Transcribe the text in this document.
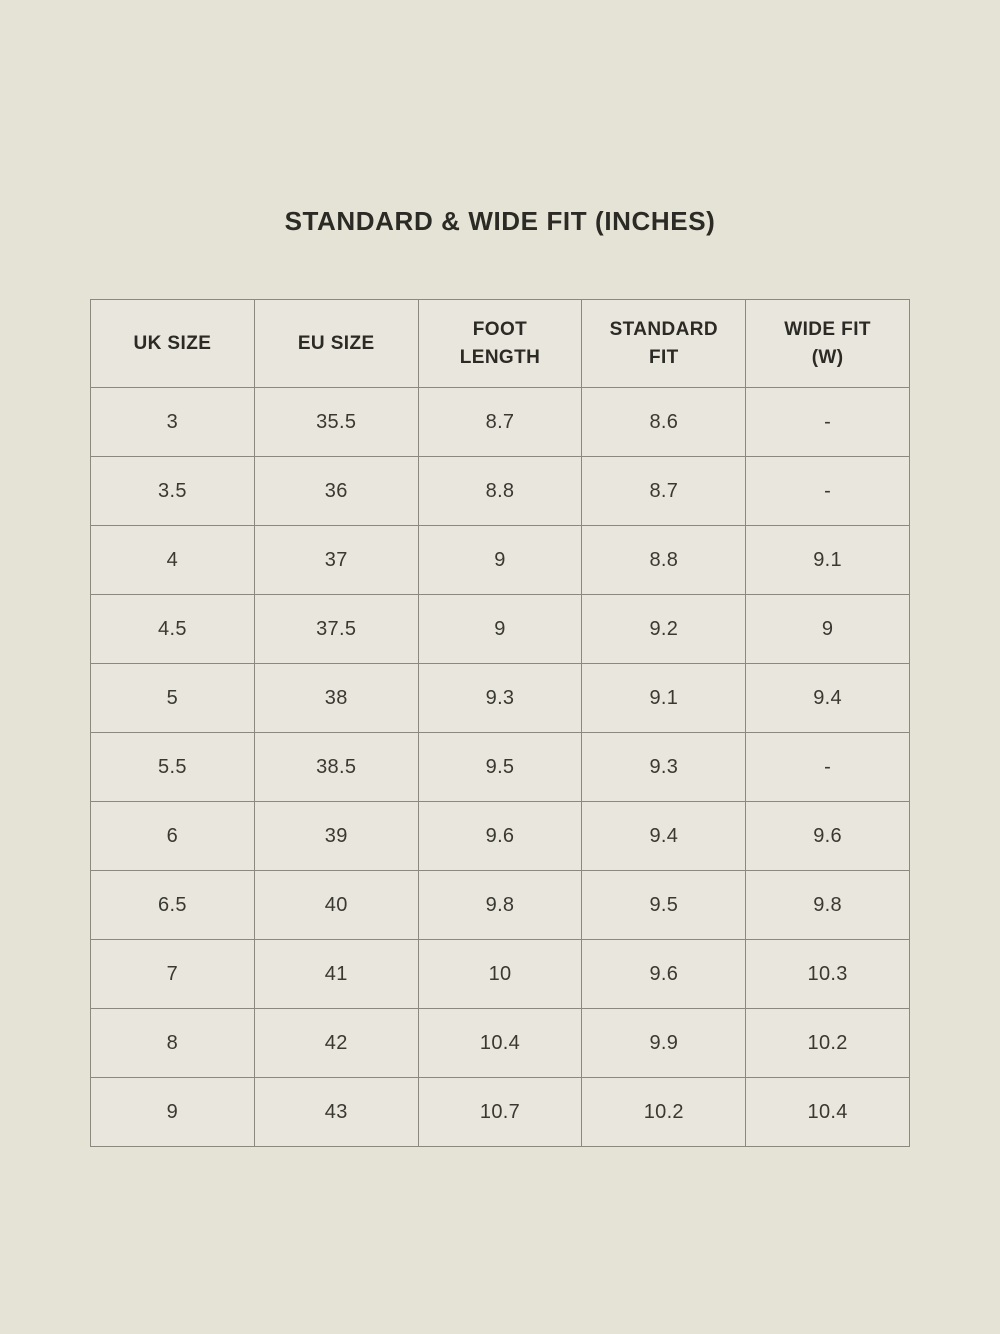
STANDARD & WIDE FIT (INCHES)
UK SIZE	EU SIZE	FOOT LENGTH	STANDARD FIT	WIDE FIT (W)
3	35.5	8.7	8.6	-
3.5	36	8.8	8.7	-
4	37	9	8.8	9.1
4.5	37.5	9	9.2	9
5	38	9.3	9.1	9.4
5.5	38.5	9.5	9.3	-
6	39	9.6	9.4	9.6
6.5	40	9.8	9.5	9.8
7	41	10	9.6	10.3
8	42	10.4	9.9	10.2
9	43	10.7	10.2	10.4
